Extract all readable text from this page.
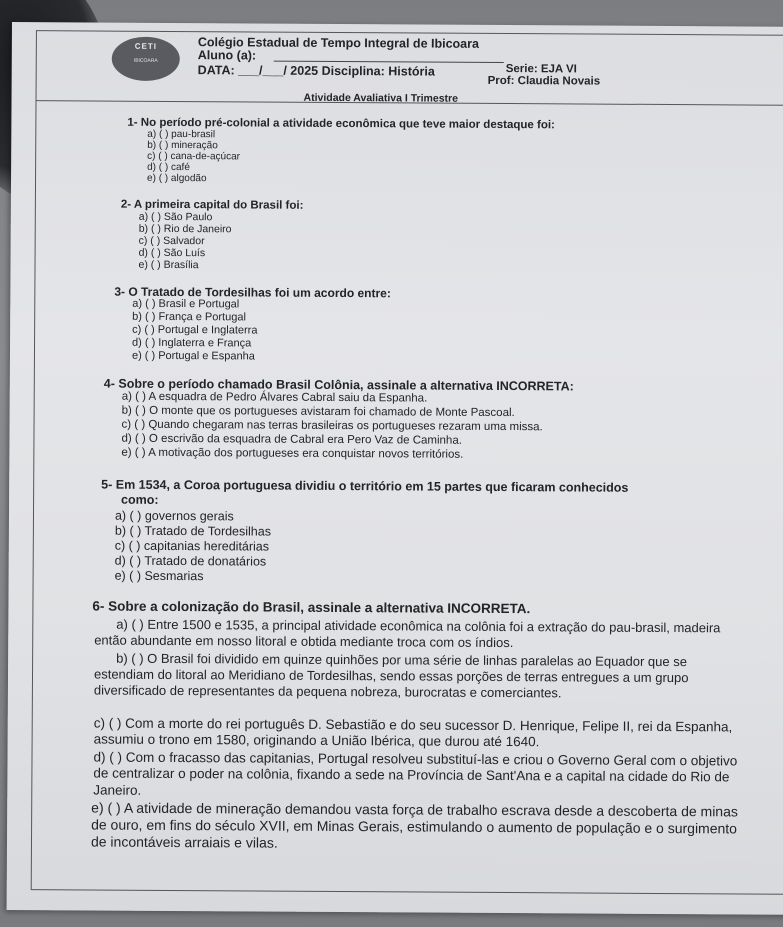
CETI
IBICOARA
Colégio Estadual de Tempo Integral de Ibicoara
Aluno (a):
Serie: EJA VI
DATA: ___/___/ 2025 Disciplina: História
Prof: Claudia Novais
Atividade Avaliativa I Trimestre
1- No período pré-colonial a atividade econômica que teve maior destaque foi:
a) ( ) pau-brasil
b) ( ) mineração
c) ( ) cana-de-açúcar
d) ( ) café
e) ( ) algodão
2- A primeira capital do Brasil foi:
a) ( ) São Paulo
b) ( ) Rio de Janeiro
c) ( ) Salvador
d) ( ) São Luís
e) ( ) Brasília
3- O Tratado de Tordesilhas foi um acordo entre:
a) ( ) Brasil e Portugal
b) ( ) França e Portugal
c) ( ) Portugal e Inglaterra
d) ( ) Inglaterra e França
e) ( ) Portugal e Espanha
4- Sobre o período chamado Brasil Colônia, assinale a alternativa INCORRETA:
a) ( ) A esquadra de Pedro Álvares Cabral saiu da Espanha.
b) ( ) O monte que os portugueses avistaram foi chamado de Monte Pascoal.
c) ( ) Quando chegaram nas terras brasileiras os portugueses rezaram uma missa.
d) ( ) O escrivão da esquadra de Cabral era Pero Vaz de Caminha.
e) ( ) A motivação dos portugueses era conquistar novos territórios.
5- Em 1534, a Coroa portuguesa dividiu o território em 15 partes que ficaram conhecidos
como:
a) ( ) governos gerais
b) ( ) Tratado de Tordesilhas
c) ( ) capitanias hereditárias
d) ( ) Tratado de donatários
e) ( ) Sesmarias
6- Sobre a colonização do Brasil, assinale a alternativa INCORRETA.
a) ( ) Entre 1500 e 1535, a principal atividade econômica na colônia foi a extração do pau-brasil, madeira então abundante em nosso litoral e obtida mediante troca com os índios.
b) ( ) O Brasil foi dividido em quinze quinhões por uma série de linhas paralelas ao Equador que se estendiam do litoral ao Meridiano de Tordesilhas, sendo essas porções de terras entregues a um grupo diversificado de representantes da pequena nobreza, burocratas e comerciantes.
c) ( ) Com a morte do rei português D. Sebastião e do seu sucessor D. Henrique, Felipe II, rei da Espanha, assumiu o trono em 1580, originando a União Ibérica, que durou até 1640.
d) ( ) Com o fracasso das capitanias, Portugal resolveu substituí-las e criou o Governo Geral com o objetivo de centralizar o poder na colônia, fixando a sede na Província de Sant'Ana e a capital na cidade do Rio de Janeiro.
e) ( ) A atividade de mineração demandou vasta força de trabalho escrava desde a descoberta de minas de ouro, em fins do século XVII, em Minas Gerais, estimulando o aumento de população e o surgimento de incontáveis arraiais e vilas.
